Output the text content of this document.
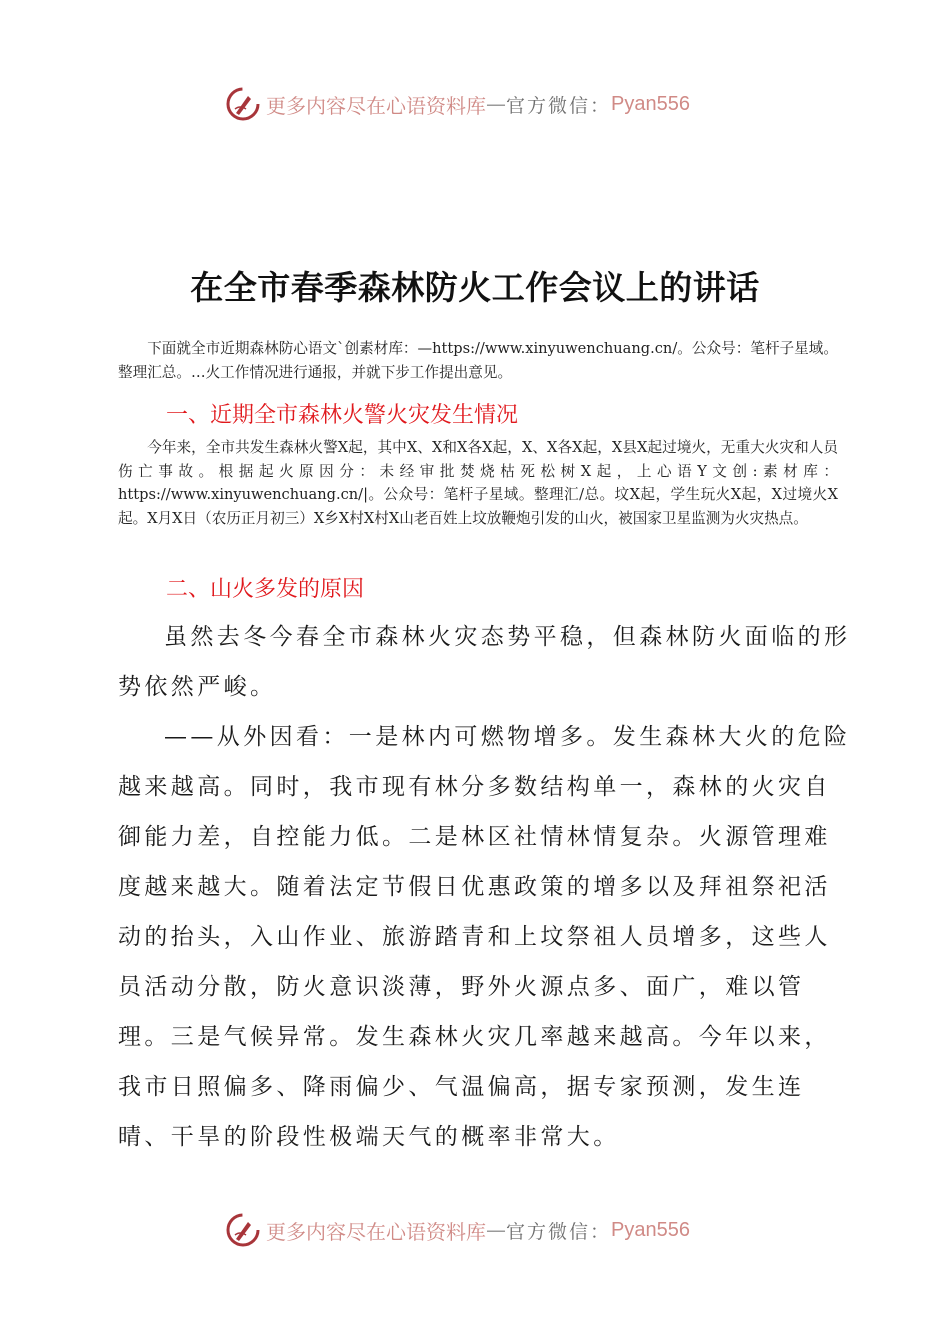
更多内容尽在心语资料库 — 官方微信： Pyan556
在全市春季森林防火工作会议上的讲话
下面就全市近期森林防心语文`创素材库：—https://www.xinyuwenchuang.cn/。公众号：笔杆子星域。整理汇总。…火工作情况进行通报，并就下步工作提出意见。
一、近期全市森林火警火灾发生情况
今年来，全市共发生森林火警X起，其中X、X和X各X起，X、X各X起，X县X起过境火，无重大火灾和人员伤亡事故。根据起火原因分：未经审批焚烧枯死松树X起，上心语Y文创:素材库：https://www.xinyuwenchuang.cn/|。公众号：笔杆子星域。整理汇/总。坟X起，学生玩火X起，X过境火X起。X月X日（农历正月初三）X乡X村X村X山老百姓上坟放鞭炮引发的山火，被国家卫星监测为火灾热点。
二、山火多发的原因
虽然去冬今春全市森林火灾态势平稳，但森林防火面临的形势依然严峻。
——从外因看：一是林内可燃物增多。发生森林大火的危险越来越高。同时，我市现有林分多数结构单一，森林的火灾自御能力差，自控能力低。二是林区社情林情复杂。火源管理难度越来越大。随着法定节假日优惠政策的增多以及拜祖祭祀活动的抬头，入山作业、旅游踏青和上坟祭祖人员增多，这些人员活动分散，防火意识淡薄，野外火源点多、面广，难以管理。三是气候异常。发生森林火灾几率越来越高。今年以来，我市日照偏多、降雨偏少、气温偏高，据专家预测，发生连晴、干旱的阶段性极端天气的概率非常大。
更多内容尽在心语资料库 — 官方微信： Pyan556
